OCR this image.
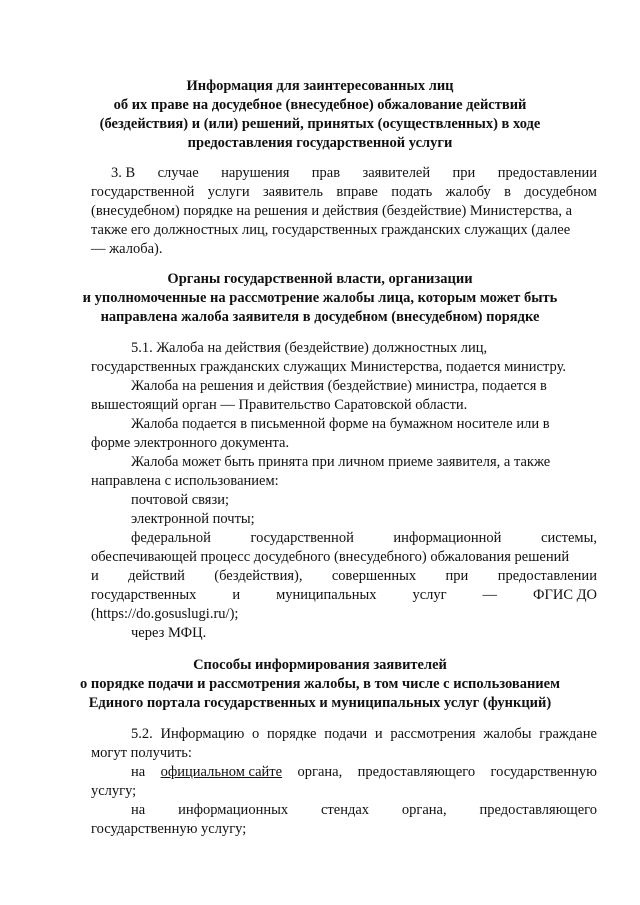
Информация для заинтересованных лиц
об их праве на досудебное (внесудебное) обжалование действий
(бездействия) и (или) решений, принятых (осуществленных) в ходе
предоставления государственной услуги
3. В случае нарушения прав заявителей при предоставлении
государственной услуги заявитель вправе подать жалобу в досудебном
(внесудебном) порядке на решения и действия (бездействие) Министерства, а
также его должностных лиц, государственных гражданских служащих (далее
— жалоба).
Органы государственной власти, организации
и уполномоченные на рассмотрение жалобы лица, которым может быть
направлена жалоба заявителя в досудебном (внесудебном) порядке
5.1. Жалоба на действия (бездействие) должностных лиц,
государственных гражданских служащих Министерства, подается министру.
Жалоба на решения и действия (бездействие) министра, подается в
вышестоящий орган — Правительство Саратовской области.
Жалоба подается в письменной форме на бумажном носителе или в
форме электронного документа.
Жалоба может быть принята при личном приеме заявителя, а также
направлена с использованием:
почтовой связи;
электронной почты;
федеральной	государственной	информационной	системы,
обеспечивающей процесс досудебного (внесудебного) обжалования решений
и действий (бездействия), совершенных при предоставлении
государственных и муниципальных услуг — ФГИС ДО
(https://do.gosuslugi.ru/);
через МФЦ.
Способы информирования заявителей
о порядке подачи и рассмотрения жалобы, в том числе с использованием
Единого портала государственных и муниципальных услуг (функций)
5.2. Информацию о порядке подачи и рассмотрения жалобы граждане
могут получить:
на официальном сайте органа, предоставляющего государственную
услугу;
на информационных стендах органа, предоставляющего
государственную услугу;
